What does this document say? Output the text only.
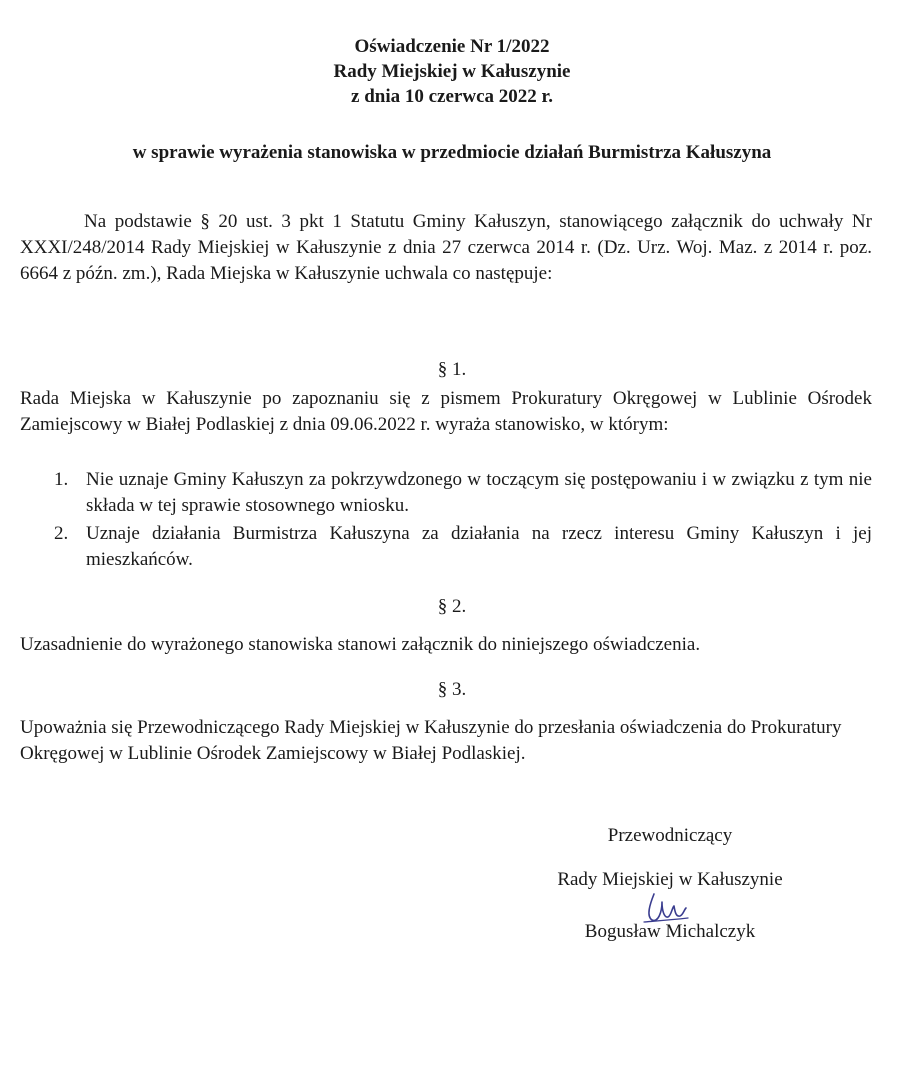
Oświadczenie Nr 1/2022
Rady Miejskiej w Kałuszynie
z dnia 10 czerwca 2022 r.
w sprawie wyrażenia stanowiska w przedmiocie działań Burmistrza Kałuszyna
Na podstawie § 20 ust. 3 pkt 1 Statutu Gminy Kałuszyn, stanowiącego załącznik do uchwały Nr XXXI/248/2014 Rady Miejskiej w Kałuszynie z dnia 27 czerwca 2014 r. (Dz. Urz. Woj. Maz. z 2014 r. poz. 6664 z późn. zm.), Rada Miejska w Kałuszynie uchwala co następuje:
§ 1.
Rada Miejska w Kałuszynie po zapoznaniu się z pismem Prokuratury Okręgowej w Lublinie Ośrodek Zamiejscowy w Białej Podlaskiej z dnia 09.06.2022 r. wyraża stanowisko, w którym:
1. Nie uznaje Gminy Kałuszyn za pokrzywdzonego w toczącym się postępowaniu i w związku z tym nie składa w tej sprawie stosownego wniosku.
2. Uznaje działania Burmistrza Kałuszyna za działania na rzecz interesu Gminy Kałuszyn i jej mieszkańców.
§ 2.
Uzasadnienie do wyrażonego stanowiska stanowi załącznik do niniejszego oświadczenia.
§ 3.
Upoważnia się Przewodniczącego Rady Miejskiej w Kałuszynie do przesłania oświadczenia do Prokuratury Okręgowej w Lublinie Ośrodek Zamiejscowy w Białej Podlaskiej.
Przewodniczący
Rady Miejskiej w Kałuszynie
Bogusław Michalczyk
